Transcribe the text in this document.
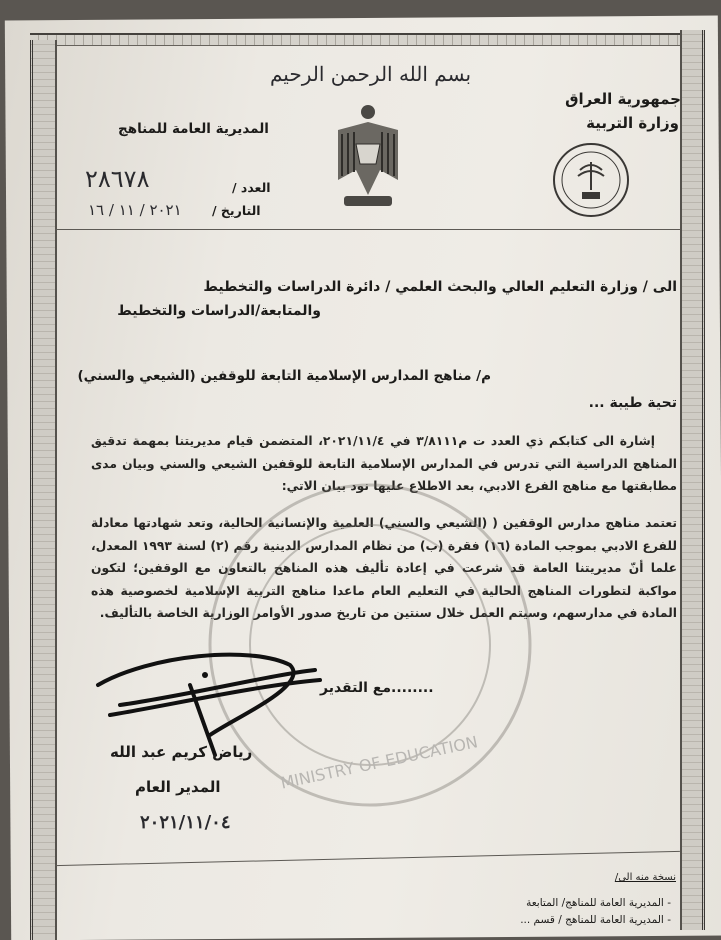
بسم الله الرحمن الرحيم
جمهورية العراق
وزارة التربية
المديرية العامة للمناهج
٢٨٦٧٨	العدد /
التاريخ /
٢٠٢١ / ١١ / ١٦
الى / وزارة التعليم العالي والبحث العلمي / دائرة الدراسات والتخطيط
والمتابعة/الدراسات والتخطيط
م/ مناهج المدارس الإسلامية التابعة للوقفين (الشيعي والسني)
تحية طيبة ...
إشارة الى كتابكم ذي العدد ت م٣/٨١١١ في ٢٠٢١/١١/٤، المتضمن قيام مديريتنا بمهمة تدقيق المناهج الدراسية التي تدرس في المدارس الإسلامية التابعة للوقفين الشيعي والسني وبيان مدى مطابقتها مع مناهج الفرع الادبي، بعد الاطلاع عليها نود بيان الاتي:
تعتمد مناهج مدارس الوقفين ( (الشيعي والسني) العلمية والإنسانية الحالية، وتعد شهادتها معادلة للفرع الادبي بموجب المادة (١٦) فقرة (ب) من نظام المدارس الدينية رقم (٢) لسنة ١٩٩٣ المعدل، علما أنّ مديريتنا العامة قد شرعت في إعادة تأليف هذه المناهج بالتعاون مع الوقفين؛ لتكون مواكبة لتطورات المناهج الحالية في التعليم العام ماعدا مناهج التربية الإسلامية لخصوصية هذه المادة في مدارسهم، وسيتم العمل خلال سنتين من تاريخ صدور الأوامر الوزارية الخاصة بالتأليف.
MINISTRY OF EDUCATION
........مع التقدير
رياض كريم عبد الله
المدير العام
٢٠٢١/١١/٠٤
نسخة منه الى/
- المديرية العامة للمناهج/ المتابعة
- المديرية العامة للمناهج / قسم ...
